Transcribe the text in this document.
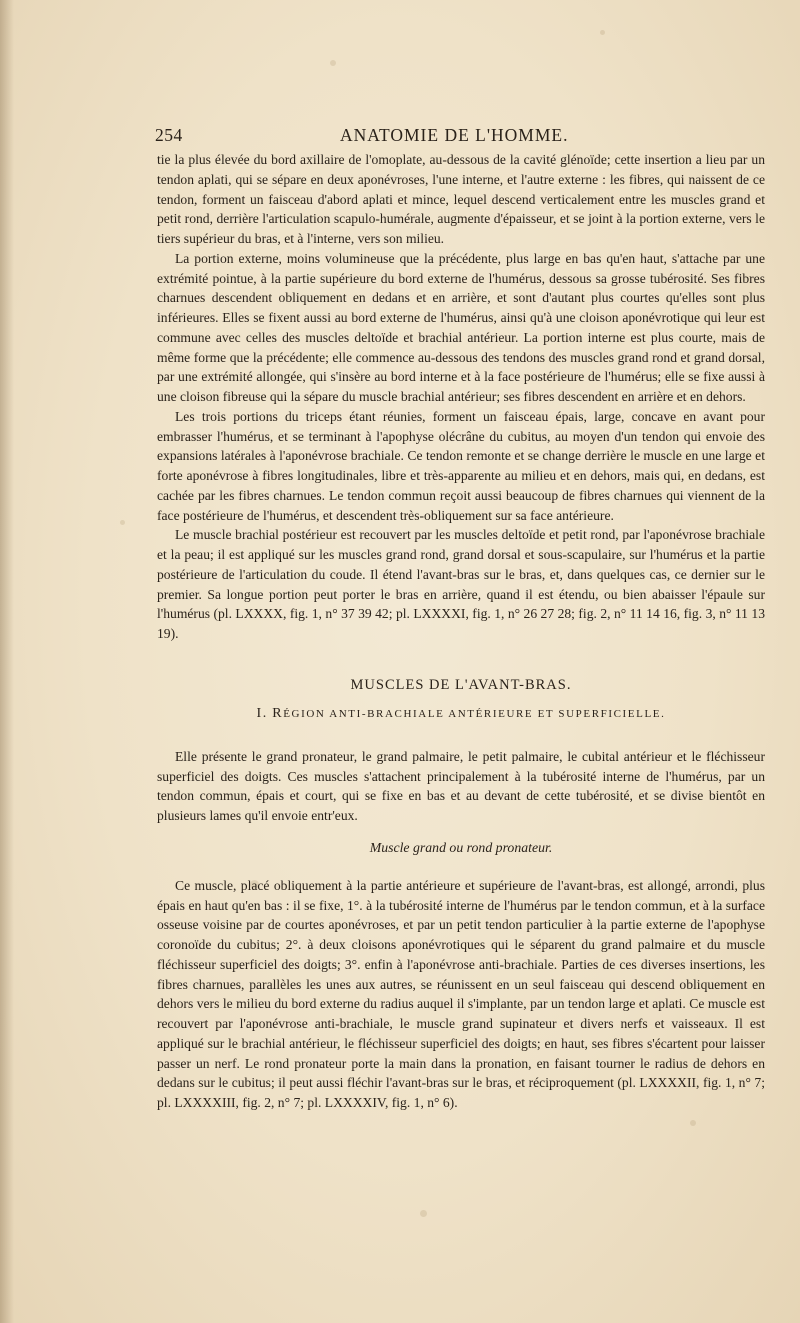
254	ANATOMIE DE L'HOMME.

tie la plus élevée du bord axillaire de l'omoplate, au-dessous de la cavité glénoïde; cette insertion a lieu par un tendon aplati, qui se sépare en deux aponévroses, l'une interne, et l'autre externe : les fibres, qui naissent de ce tendon, forment un faisceau d'abord aplati et mince, lequel descend verticalement entre les muscles grand et petit rond, derrière l'articulation scapulo-humérale, augmente d'épaisseur, et se joint à la portion externe, vers le tiers supérieur du bras, et à l'interne, vers son milieu.

La portion externe, moins volumineuse que la précédente, plus large en bas qu'en haut, s'attache par une extrémité pointue, à la partie supérieure du bord externe de l'humérus, dessous sa grosse tubérosité. Ses fibres charnues descendent obliquement en dedans et en arrière, et sont d'autant plus courtes qu'elles sont plus inférieures. Elles se fixent aussi au bord externe de l'humérus, ainsi qu'à une cloison aponévrotique qui leur est commune avec celles des muscles deltoïde et brachial antérieur. La portion interne est plus courte, mais de même forme que la précédente; elle commence au-dessous des tendons des muscles grand rond et grand dorsal, par une extrémité allongée, qui s'insère au bord interne et à la face postérieure de l'humérus; elle se fixe aussi à une cloison fibreuse qui la sépare du muscle brachial antérieur; ses fibres descendent en arrière et en dehors.

Les trois portions du triceps étant réunies, forment un faisceau épais, large, concave en avant pour embrasser l'humérus, et se terminant à l'apophyse olécrâne du cubitus, au moyen d'un tendon qui envoie des expansions latérales à l'aponévrose brachiale. Ce tendon remonte et se change derrière le muscle en une large et forte aponévrose à fibres longitudinales, libre et très-apparente au milieu et en dehors, mais qui, en dedans, est cachée par les fibres charnues. Le tendon commun reçoit aussi beaucoup de fibres charnues qui viennent de la face postérieure de l'humérus, et descendent très-obliquement sur sa face antérieure.

Le muscle brachial postérieur est recouvert par les muscles deltoïde et petit rond, par l'aponévrose brachiale et la peau; il est appliqué sur les muscles grand rond, grand dorsal et sous-scapulaire, sur l'humérus et la partie postérieure de l'articulation du coude. Il étend l'avant-bras sur le bras, et, dans quelques cas, ce dernier sur le premier. Sa longue portion peut porter le bras en arrière, quand il est étendu, ou bien abaisser l'épaule sur l'humérus (pl. LXXXX, fig. 1, n° 37 39 42; pl. LXXXXI, fig. 1, n° 26 27 28; fig. 2, n° 11 14 16, fig. 3, n° 11 13 19).

MUSCLES DE L'AVANT-BRAS.
I. RÉGION ANTI-BRACHIALE ANTÉRIEURE ET SUPERFICIELLE.

Elle présente le grand pronateur, le grand palmaire, le petit palmaire, le cubital antérieur et le fléchisseur superficiel des doigts. Ces muscles s'attachent principalement à la tubérosité interne de l'humérus, par un tendon commun, épais et court, qui se fixe en bas et au devant de cette tubérosité, et se divise bientôt en plusieurs lames qu'il envoie entr'eux.

Muscle grand ou rond pronateur.

Ce muscle, placé obliquement à la partie antérieure et supérieure de l'avant-bras, est allongé, arrondi, plus épais en haut qu'en bas : il se fixe, 1°. à la tubérosité interne de l'humérus par le tendon commun, et à la surface osseuse voisine par de courtes aponévroses, et par un petit tendon particulier à la partie externe de l'apophyse coronoïde du cubitus; 2°. à deux cloisons aponévrotiques qui le séparent du grand palmaire et du muscle fléchisseur superficiel des doigts; 3°. enfin à l'aponévrose anti-brachiale. Parties de ces diverses insertions, les fibres charnues, parallèles les unes aux autres, se réunissent en un seul faisceau qui descend obliquement en dehors vers le milieu du bord externe du radius auquel il s'implante, par un tendon large et aplati. Ce muscle est recouvert par l'aponévrose anti-brachiale, le muscle grand supinateur et divers nerfs et vaisseaux. Il est appliqué sur le brachial antérieur, le fléchisseur superficiel des doigts; en haut, ses fibres s'écartent pour laisser passer un nerf. Le rond pronateur porte la main dans la pronation, en faisant tourner le radius de dehors en dedans sur le cubitus; il peut aussi fléchir l'avant-bras sur le bras, et réciproquement (pl. LXXXXII, fig. 1, n° 7; pl. LXXXXIII, fig. 2, n° 7; pl. LXXXXIV, fig. 1, n° 6).
